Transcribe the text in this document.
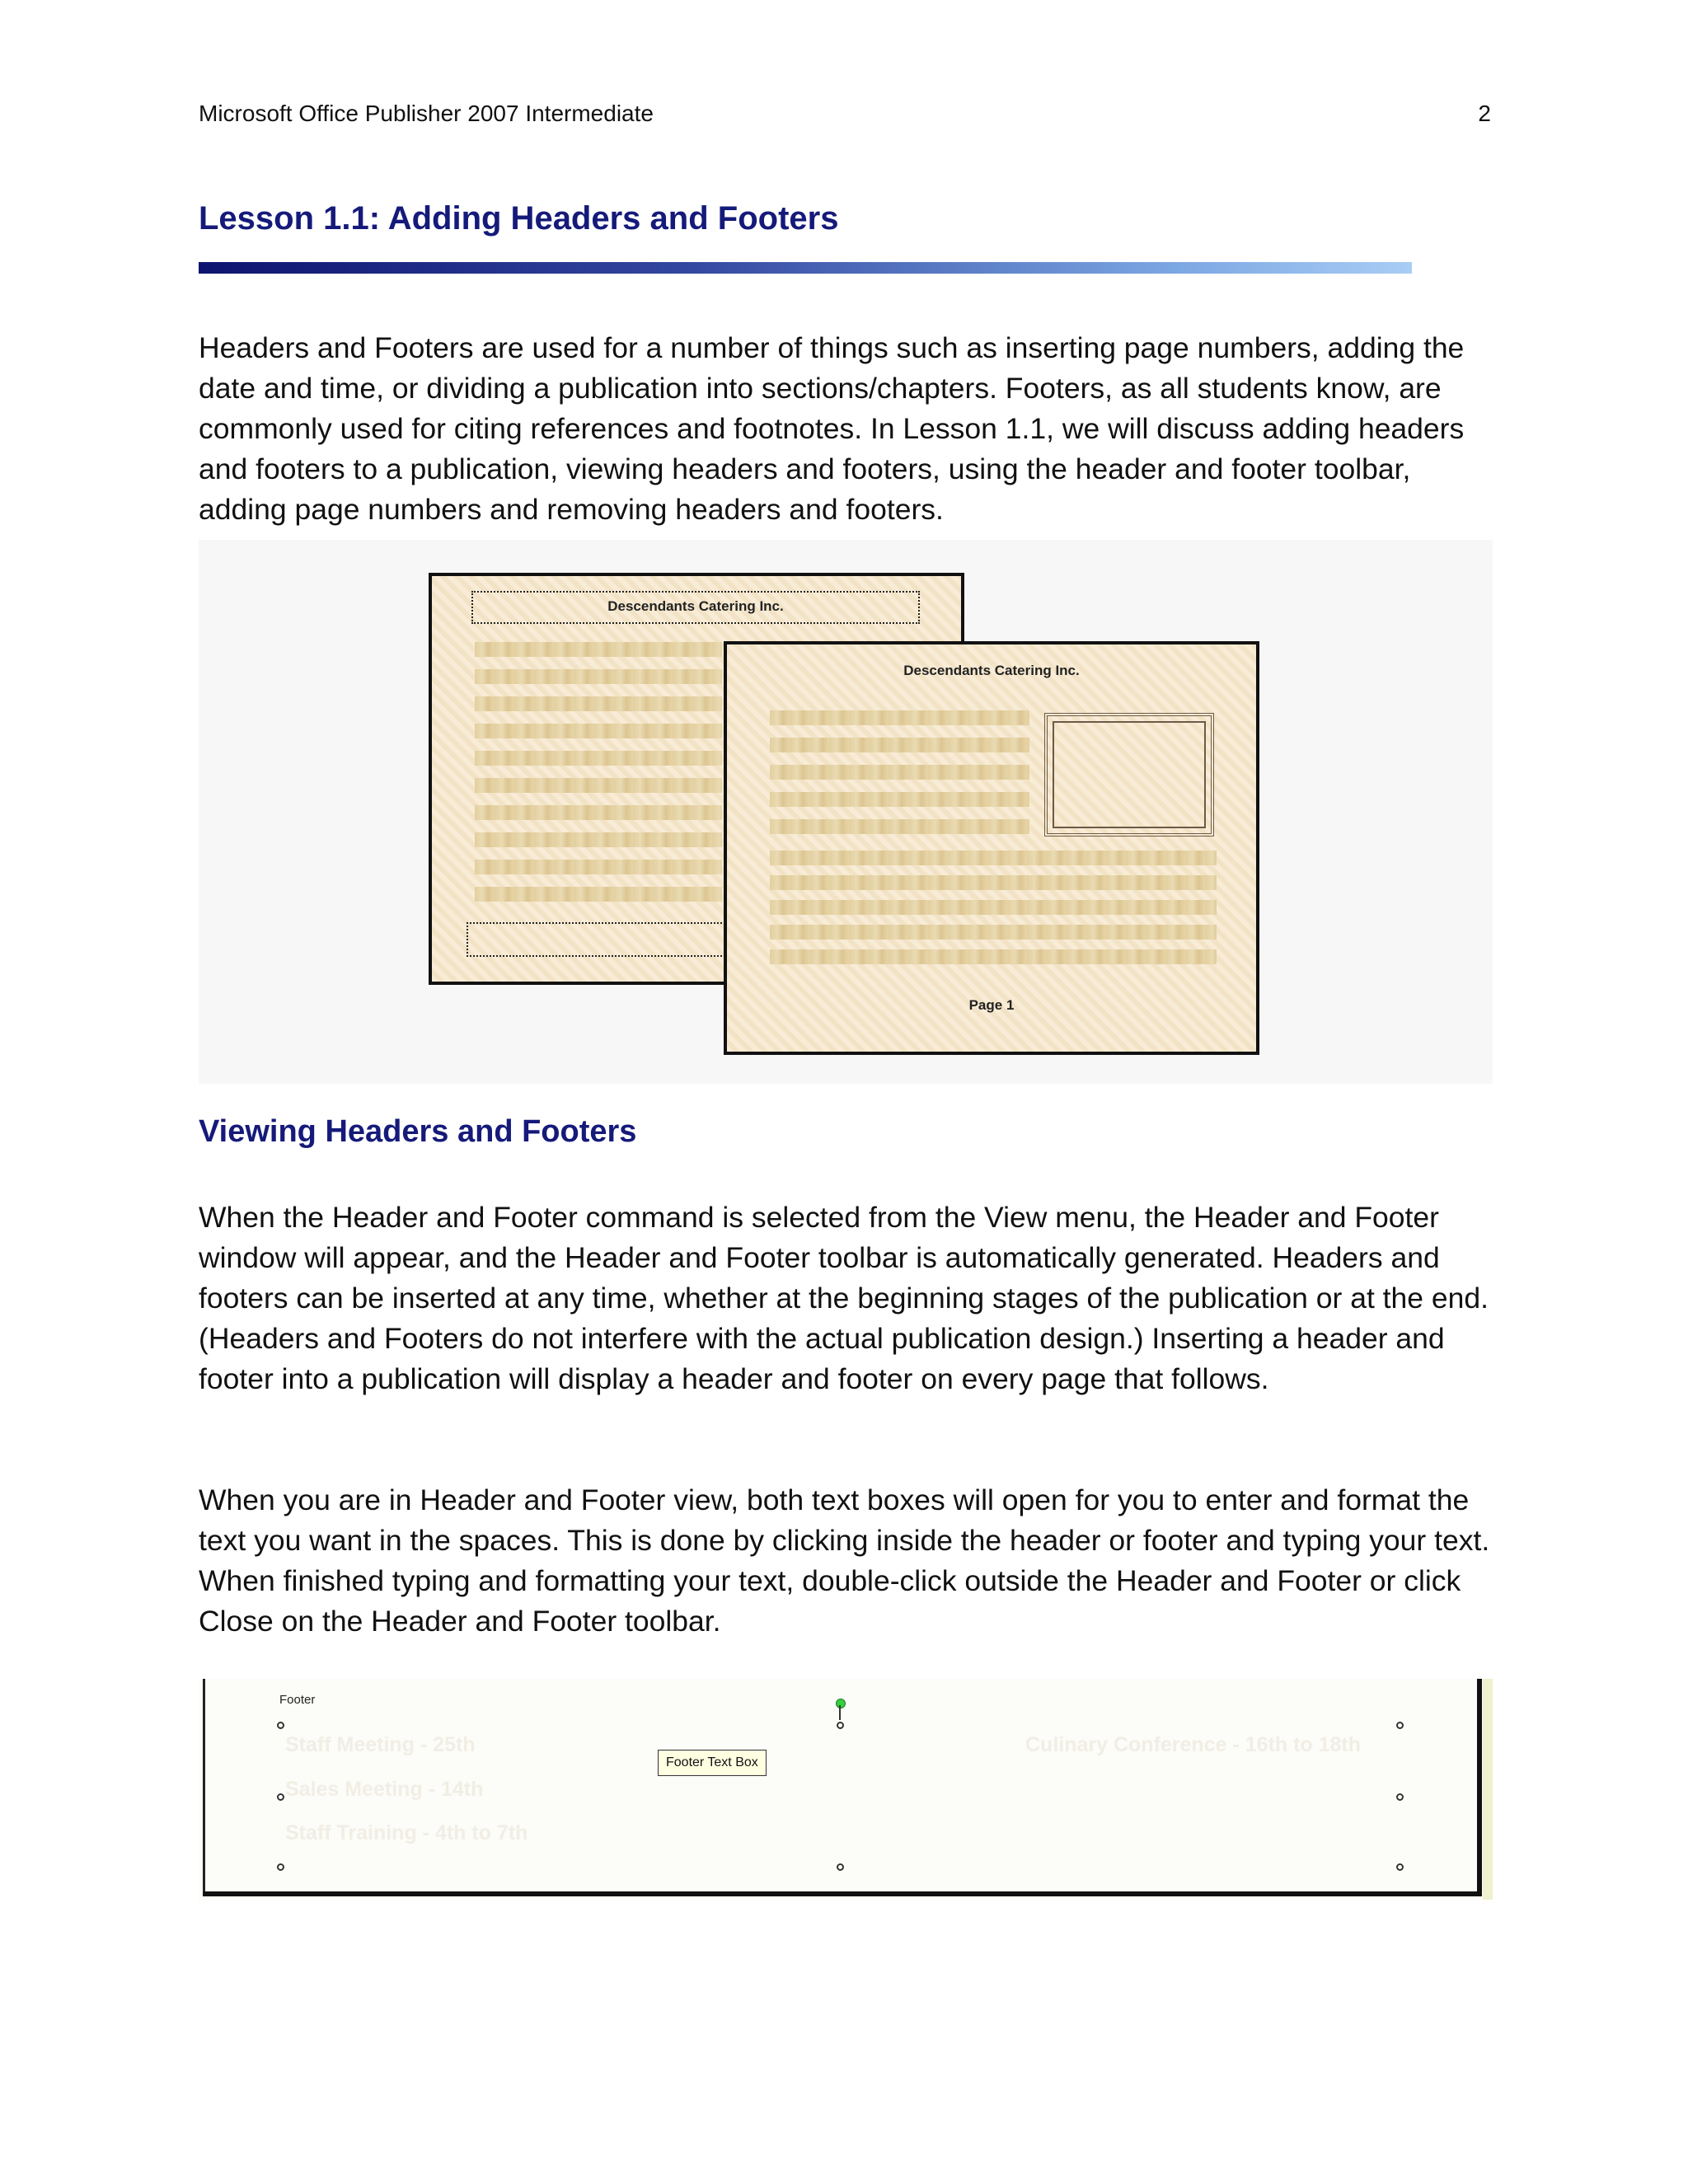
Microsoft Office Publisher 2007 Intermediate	2
Lesson 1.1: Adding Headers and Footers

Headers and Footers are used for a number of things such as inserting page numbers, adding the date and time, or dividing a publication into sections/chapters. Footers, as all students know, are commonly used for citing references and footnotes. In Lesson 1.1, we will discuss adding headers and footers to a publication, viewing headers and footers, using the header and footer toolbar, adding page numbers and removing headers and footers.

Descendants Catering Inc.
Descendants Catering Inc.
Page 1
Viewing Headers and Footers

When the Header and Footer command is selected from the View menu, the Header and Footer window will appear, and the Header and Footer toolbar is automatically generated. Headers and footers can be inserted at any time, whether at the beginning stages of the publication or at the end. (Headers and Footers do not interfere with the actual publication design.) Inserting a header and footer into a publication will display a header and footer on every page that follows.

When you are in Header and Footer view, both text boxes will open for you to enter and format the text you want in the spaces. This is done by clicking inside the header or footer and typing your text. When finished typing and formatting your text, double-click outside the Header and Footer or click Close on the Header and Footer toolbar.

Footer
Staff Meeting - 25th
Sales Meeting - 14th
Staff Training - 4th to 7th
Culinary Conference - 16th to 18th
Footer Text Box
